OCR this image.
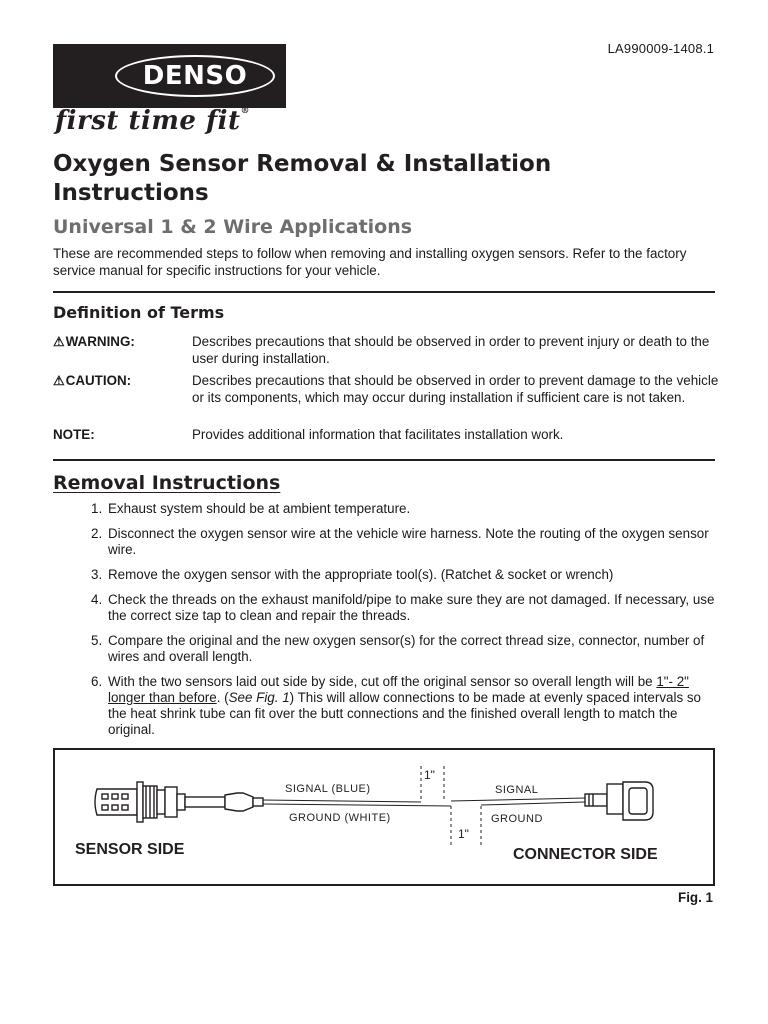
LA990009-1408.1
DENSO
first time fit®
Oxygen Sensor Removal & Installation Instructions
Universal 1 & 2 Wire Applications
These are recommended steps to follow when removing and installing oxygen sensors. Refer to the factory service manual for specific instructions for your vehicle.
Definition of Terms
⚠WARNING:	Describes precautions that should be observed in order to prevent injury or death to the user during installation.
⚠CAUTION:	Describes precautions that should be observed in order to prevent damage to the vehicle or its components, which may occur during installation if sufficient care is not taken.
NOTE:	Provides additional information that facilitates installation work.
Removal Instructions
1. Exhaust system should be at ambient temperature.
2. Disconnect the oxygen sensor wire at the vehicle wire harness. Note the routing of the oxygen sensor wire.
3. Remove the oxygen sensor with the appropriate tool(s). (Ratchet & socket or wrench)
4. Check the threads on the exhaust manifold/pipe to make sure they are not damaged. If necessary, use the correct size tap to clean and repair the threads.
5. Compare the original and the new oxygen sensor(s) for the correct thread size, connector, number of wires and overall length.
6. With the two sensors laid out side by side, cut off the original sensor so overall length will be 1"- 2" longer than before. (See Fig. 1) This will allow connections to be made at evenly spaced intervals so the heat shrink tube can fit over the butt connections and the finished overall length to match the original.
1"
1"
SIGNAL (BLUE)
GROUND (WHITE)
SIGNAL
GROUND
SENSOR SIDE	CONNECTOR SIDE
Fig. 1
